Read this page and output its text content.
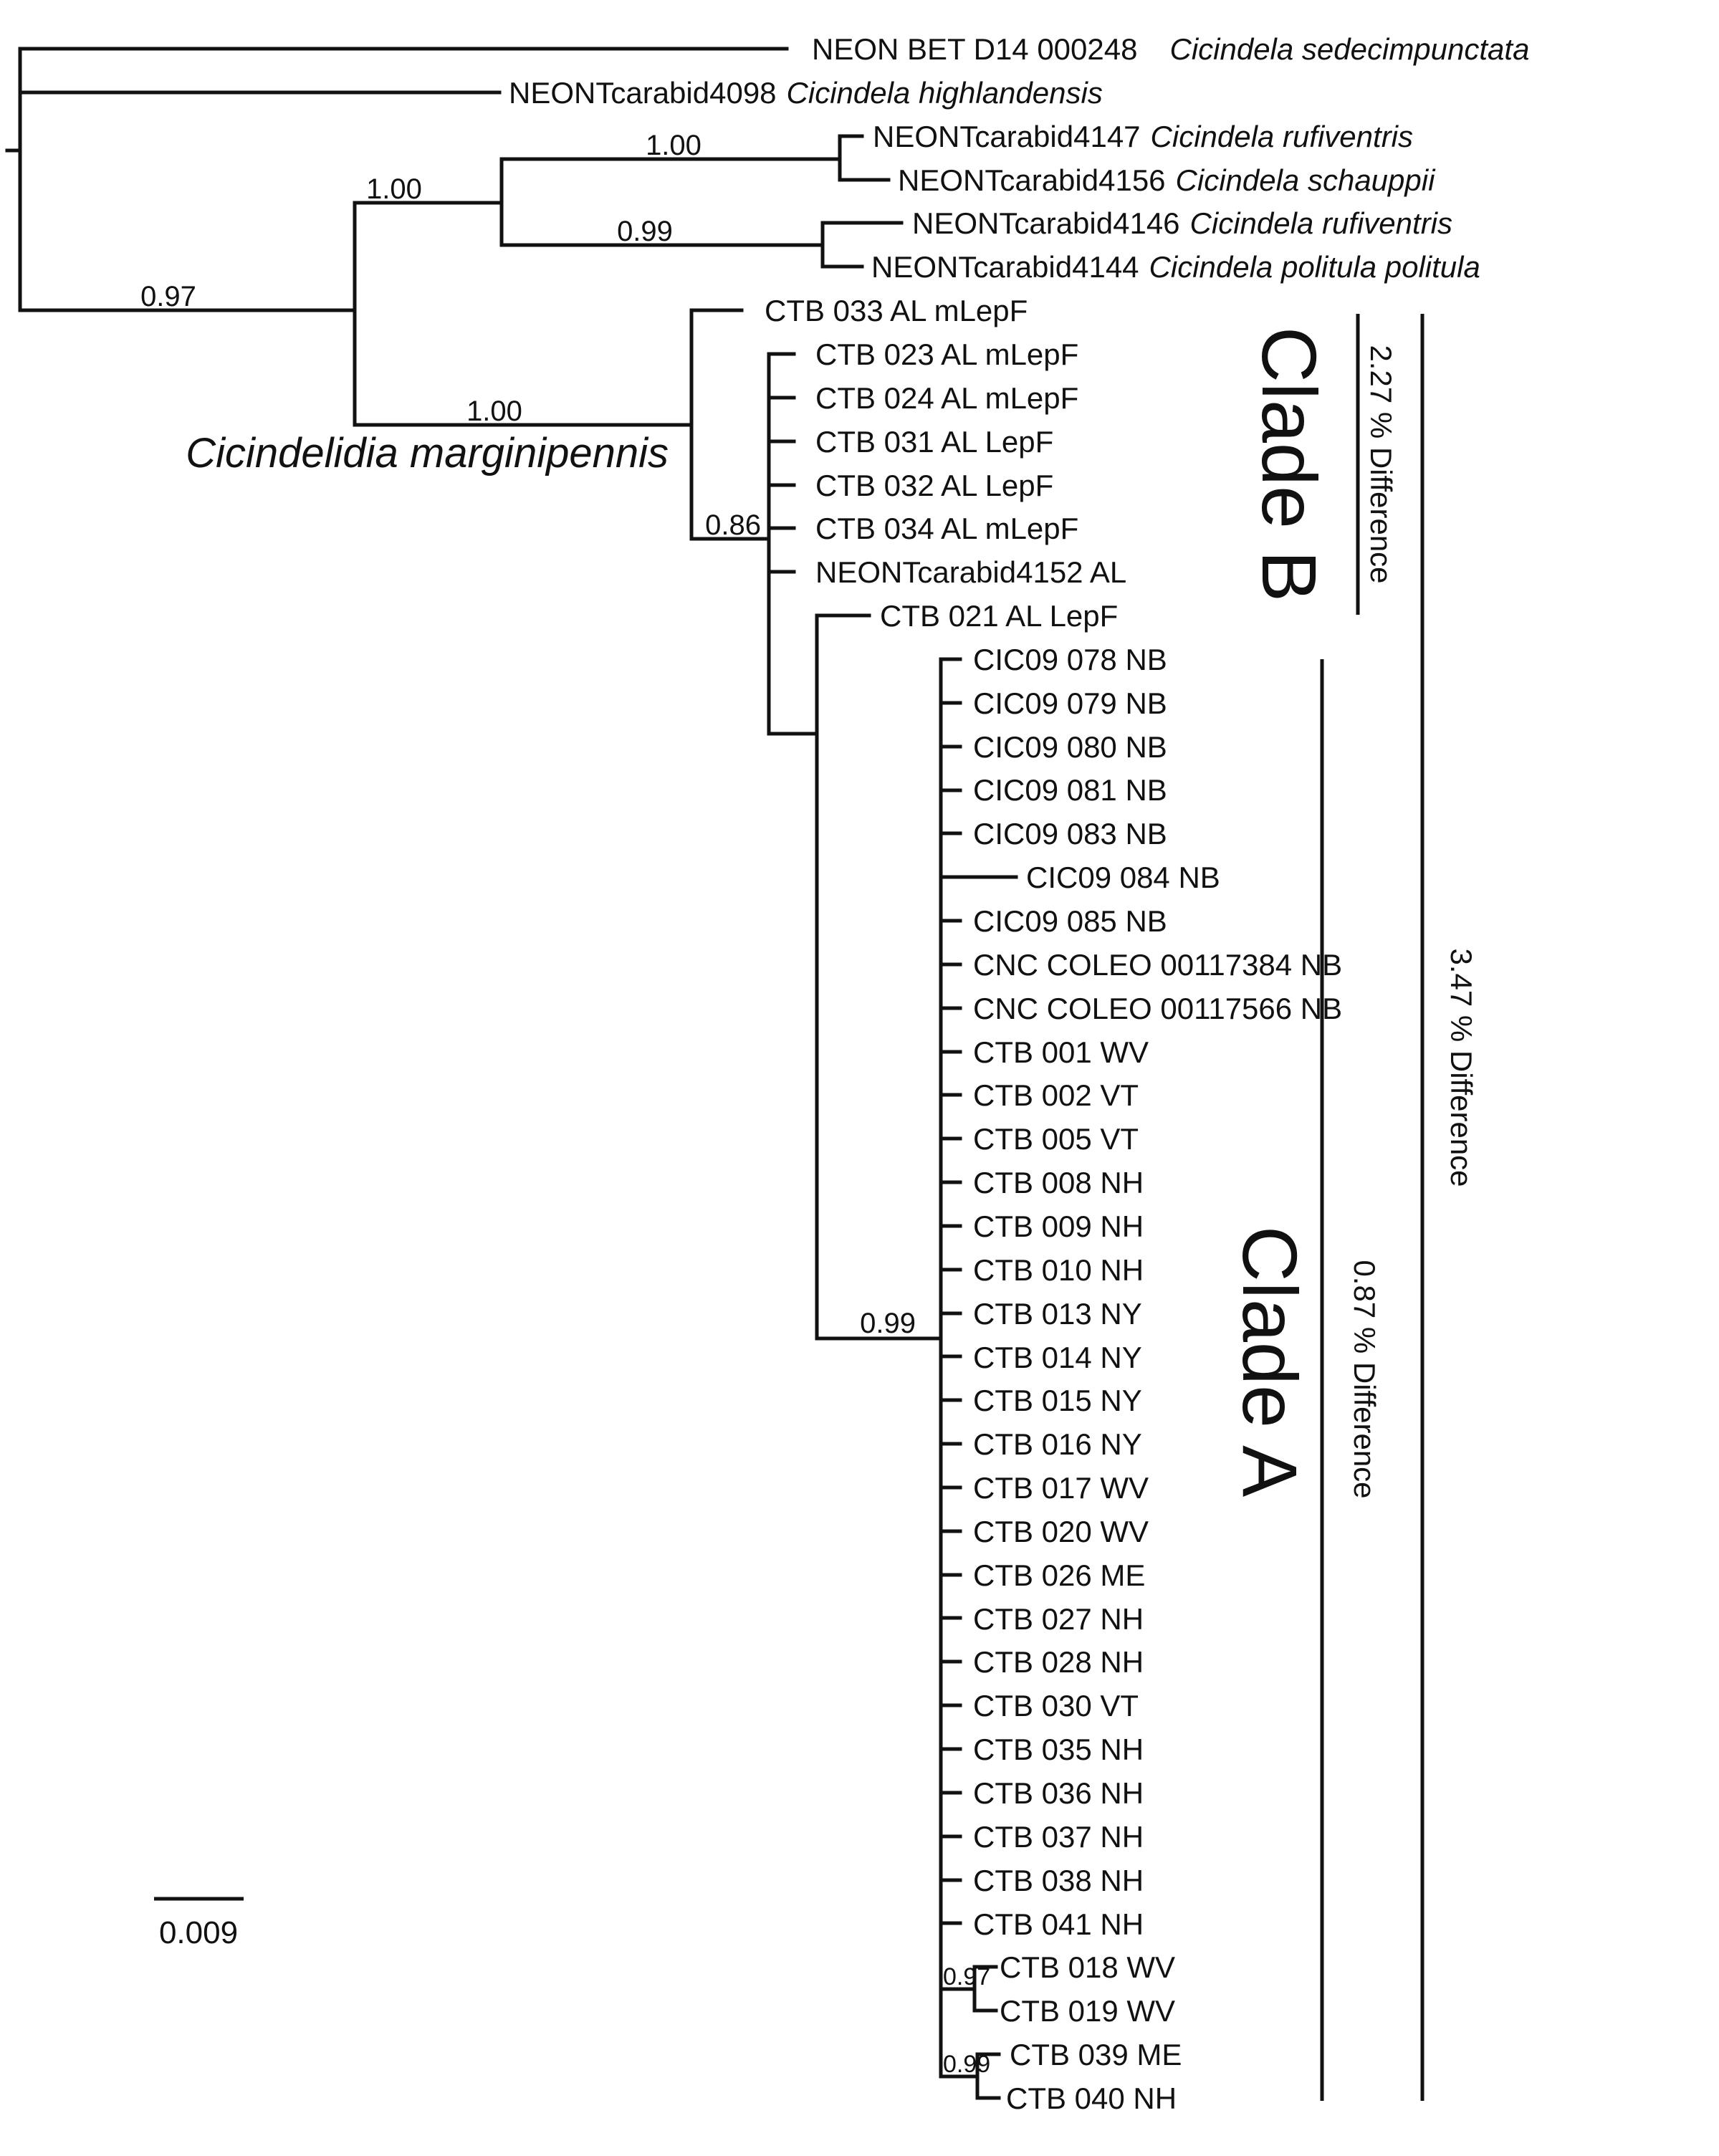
0.009
0.97
1.00
1.00
0.99
1.00
0.86
0.99
0.97
0.99
Cicindelidia marginipennis	Clade B 2.27 % Difference
Clade A 0.87 % Difference
3.47 % Difference
NEON BET D14 000248 Cicindela sedecimpunctata
NEONTcarabid4098 Cicindela highlandensis
NEONTcarabid4147 Cicindela rufiventris
NEONTcarabid4156 Cicindela schauppii
NEONTcarabid4146 Cicindela rufiventris
NEONTcarabid4144 Cicindela politula politula
CTB 033 AL mLepF
CTB 023 AL mLepF
CTB 024 AL mLepF
CTB 031 AL LepF
CTB 032 AL LepF
CTB 034 AL mLepF
NEONTcarabid4152 AL
CTB 021 AL LepF
CIC09 078 NB
CIC09 079 NB
CIC09 080 NB
CIC09 081 NB
CIC09 083 NB
CIC09 084 NB
CIC09 085 NB
CNC COLEO 00117384 NB
CNC COLEO 00117566 NB
CTB 001 WV
CTB 002 VT
CTB 005 VT
CTB 008 NH
CTB 009 NH
CTB 010 NH
CTB 013 NY
CTB 014 NY
CTB 015 NY
CTB 016 NY
CTB 017 WV
CTB 020 WV
CTB 026 ME
CTB 027 NH
CTB 028 NH
CTB 030 VT
CTB 035 NH
CTB 036 NH
CTB 037 NH
CTB 038 NH
CTB 041 NH
CTB 018 WV
CTB 019 WV
CTB 039 ME
CTB 040 NH
